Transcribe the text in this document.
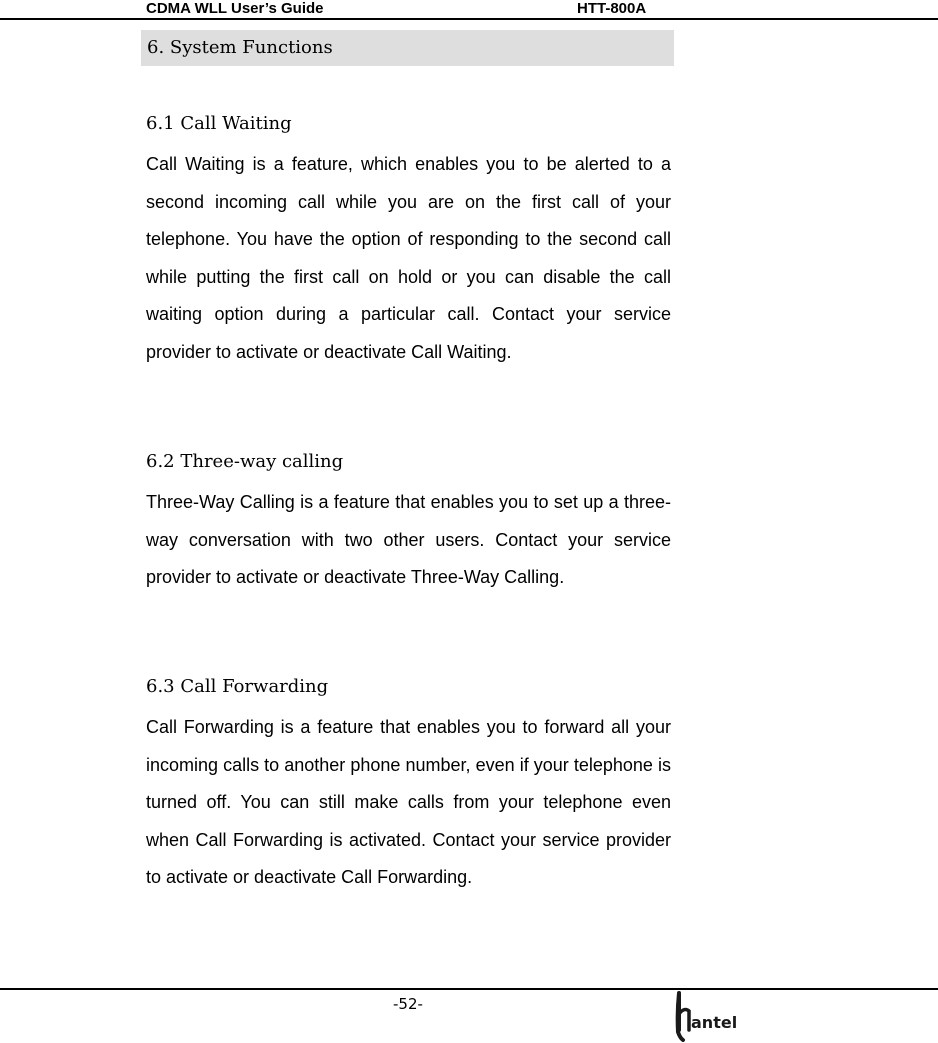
CDMA WLL User’s Guide	HTT-800A
6. System Functions
6.1 Call Waiting

Call Waiting is a feature, which enables you to be alerted to a second incoming call while you are on the first call of your telephone. You have the option of responding to the second call while putting the first call on hold or you can disable the call waiting option during a particular call. Contact your service provider to activate or deactivate Call Waiting.

6.2 Three-way calling

Three-Way Calling is a feature that enables you to set up a three-way conversation with two other users. Contact your service provider to activate or deactivate Three-Way Calling.

6.3 Call Forwarding

Call Forwarding is a feature that enables you to forward all your incoming calls to another phone number, even if your telephone is turned off. You can still make calls from your telephone even when Call Forwarding is activated. Contact your service provider to activate or deactivate Call Forwarding.

-52-
antel
